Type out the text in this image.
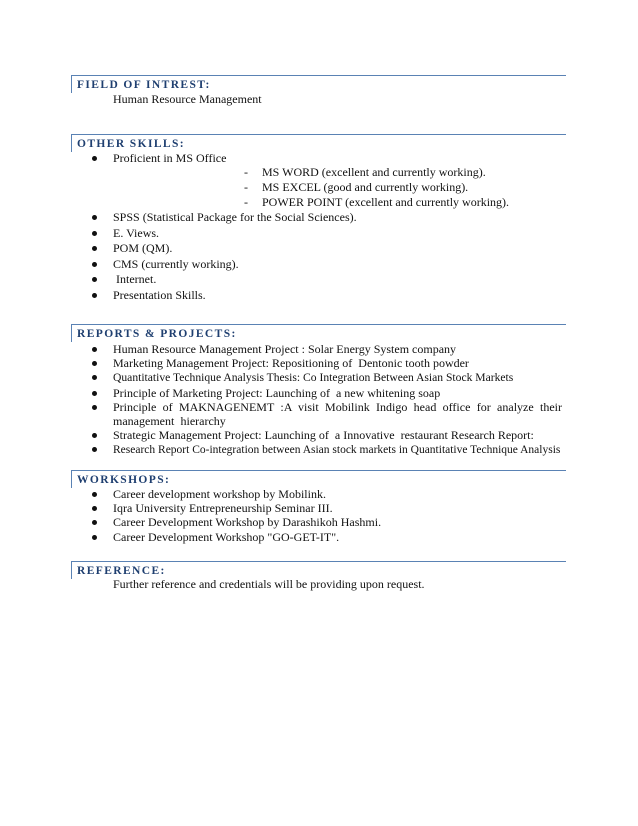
FIELD OF INTREST:
Human Resource Management
OTHER SKILLS:
Proficient in MS Office
- MS WORD (excellent and currently working).
- MS EXCEL (good and currently working).
- POWER POINT (excellent and currently working).
SPSS (Statistical Package for the Social Sciences).
E. Views.
POM (QM).
CMS (currently working).
Internet.
Presentation Skills.
REPORTS & PROJECTS:
Human Resource Management Project : Solar Energy System company
Marketing Management Project: Repositioning of  Dentonic tooth powder
Quantitative Technique Analysis Thesis: Co Integration Between Asian Stock Markets
Principle of Marketing Project: Launching of  a new whitening soap
Principle of MAKNAGENEMT :A visit Mobilink Indigo head office for analyze their management hierarchy
Strategic Management Project: Launching of  a Innovative  restaurant Research Report:
Research Report Co-integration between Asian stock markets in Quantitative Technique Analysis
WORKSHOPS:
Career development workshop by Mobilink.
Iqra University Entrepreneurship Seminar III.
Career Development Workshop by Darashikoh Hashmi.
Career Development Workshop "GO-GET-IT".
REFERENCE:
Further reference and credentials will be providing upon request.
